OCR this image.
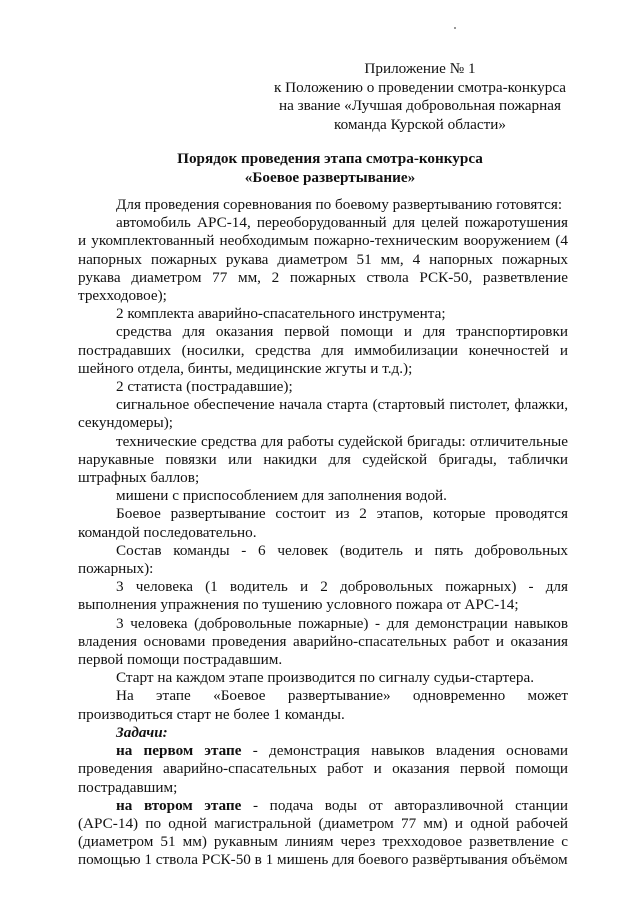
Приложение № 1
к Положению о проведении смотра-конкурса
на звание «Лучшая добровольная пожарная
команда Курской области»
Порядок проведения этапа смотра-конкурса
«Боевое развертывание»

Для проведения соревнования по боевому развертыванию готовятся:

автомобиль АРС-14, переоборудованный для целей пожаротушения и укомплектованный необходимым пожарно-техническим вооружением (4 напорных пожарных рукава диаметром 51 мм, 4 напорных пожарных рукава диаметром 77 мм, 2 пожарных ствола РСК-50, разветвление трехходовое);

2 комплекта аварийно-спасательного инструмента;

средства для оказания первой помощи и для транспортировки пострадавших (носилки, средства для иммобилизации конечностей и шейного отдела, бинты, медицинские жгуты и т.д.);

2 статиста (пострадавшие);

сигнальное обеспечение начала старта (стартовый пистолет, флажки, секундомеры);

технические средства для работы судейской бригады: отличительные нарукавные повязки или накидки для судейской бригады, таблички штрафных баллов;

мишени с приспособлением для заполнения водой.

Боевое развертывание состоит из 2 этапов, которые проводятся командой последовательно.

Состав команды - 6 человек (водитель и пять добровольных пожарных):

3 человека (1 водитель и 2 добровольных пожарных) - для выполнения упражнения по тушению условного пожара от АРС-14;

3 человека (добровольные пожарные) - для демонстрации навыков владения основами проведения аварийно-спасательных работ и оказания первой помощи пострадавшим.

Старт на каждом этапе производится по сигналу судьи-стартера.

На этапе «Боевое развертывание» одновременно может производиться старт не более 1 команды.

Задачи:

на первом этапе - демонстрация навыков владения основами проведения аварийно-спасательных работ и оказания первой помощи пострадавшим;

на втором этапе - подача воды от авторазливочной станции (АРС-14) по одной магистральной (диаметром 77 мм) и одной рабочей (диаметром 51 мм) рукавным линиям через трехходовое разветвление с помощью 1 ствола РСК-50 в 1 мишень для боевого развёртывания объёмом
